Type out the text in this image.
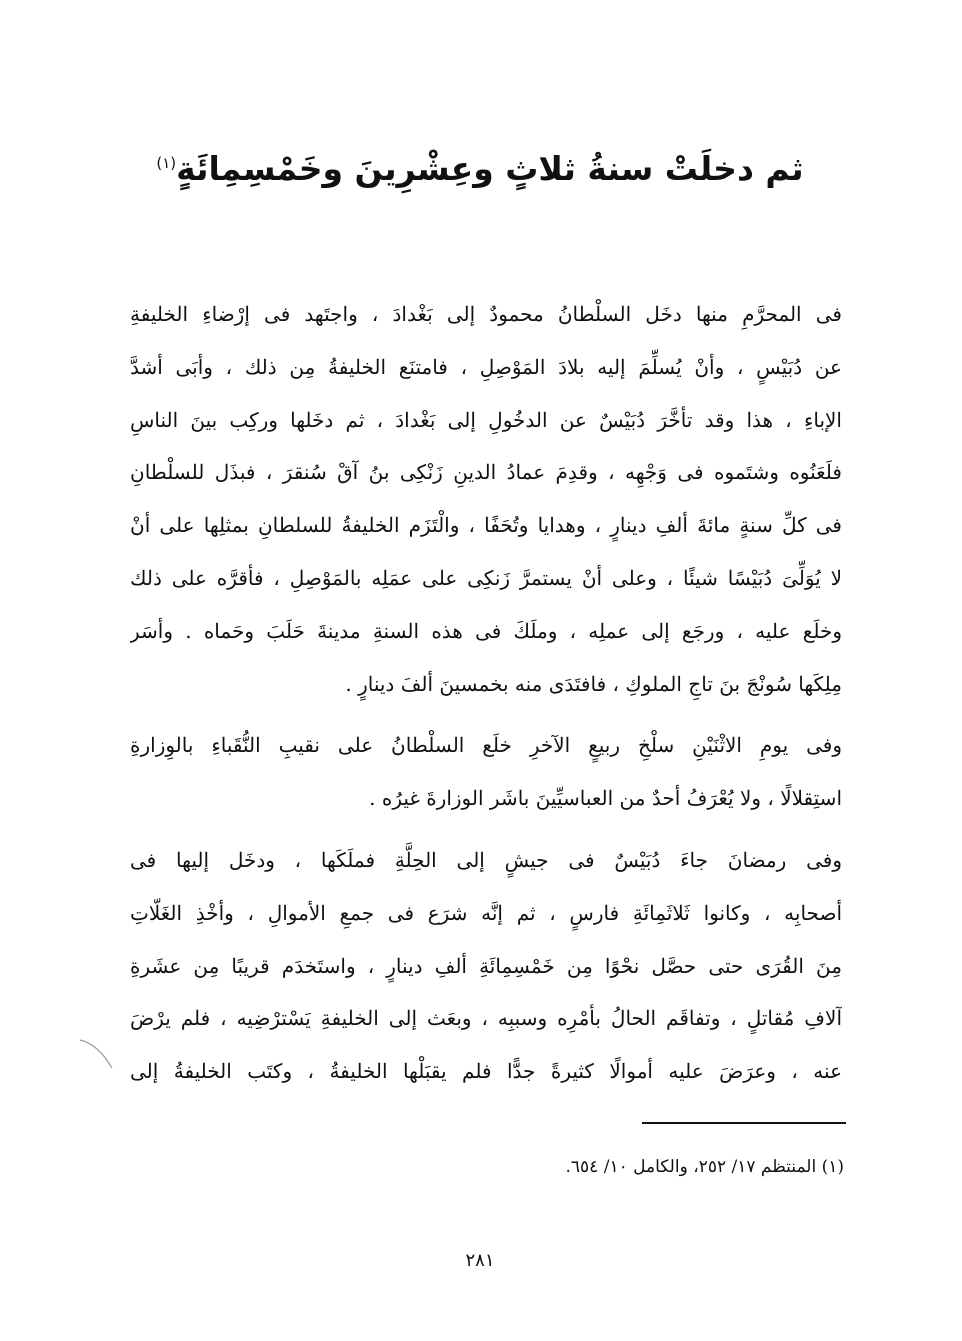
ثم دخلَتْ سنةُ ثلاثٍ وعِشْرِينَ وخَمْسِمِائَةٍ$^{(١)}$

فى المحرَّمِ منها دخَل السلْطانُ محمودٌ إلى بَغْدادَ ، واجتَهد فى إرْضاءِ الخليفةِ
عن دُبَيْسٍ ، وأنْ يُسلِّمَ إليه بلادَ المَوْصِلِ ، فامتنَع الخليفةُ مِن ذلك ، وأبَى أشدَّ
الإباءِ ، هذا وقد تأخَّرَ دُبَيْسٌ عن الدخُولِ إلى بَغْدادَ ، ثم دخَلها وركِب بينَ الناسِ
فلَعَنُوه وشتَموه فى وَجْهِه ، وقدِمَ عمادُ الدينِ زَنْكِى بنُ آقْ سُنقرَ ، فبذَل للسلْطانِ
فى كلِّ سنةٍ مائةَ ألفِ دينارٍ ، وهدايا وتُحَفًا ، والْتَزَم الخليفةُ للسلطانِ بمثلِها على أنْ
لا يُوَلِّىَ دُبَيْسًا شيئًا ، وعلى أنْ يستمرَّ زَنكِى على عمَلِه بالمَوْصِلِ ، فأقرَّه على ذلك
وخلَع عليه ، ورجَع إلى عملِه ، وملَكَ فى هذه السنةِ مدينةَ حَلَبَ وحَماه . وأسَر
مِلِكَها سُونْجَ بنَ تاجِ الملوكِ ، فافتَدَى منه بخمسينَ ألفَ دينارٍ .

وفى يومِ الاثْنَيْنِ سلْخِ ربيعٍ الآخرِ خلَع السلْطانُ على نقيبِ النُّقَباءِ بالوِزارةِ
استِقلالًا ، ولا يُعْرَفُ أحدٌ من العباسيِّينَ باشَر الوزارةَ غيرُه .

وفى رمضانَ جاءَ دُبَيْسٌ فى جيشٍ إلى الحِلَّةِ فملَكَها ، ودخَل إليها فى
أصحابِه ، وكانوا ثَلاثَمِائَةِ فارسٍ ، ثم إنَّه شرَع فى جمعِ الأموالِ ، وأخْذِ الغَلّاتِ
مِنَ القُرَى حتى حصَّل نحْوًا مِن خَمْسِمِائَةِ ألفِ دينارٍ ، واستَخدَم قريبًا مِن عشَرةِ
آلافِ مُقاتلٍ ، وتفاقَم الحالُ بأمْرِه وسببِه ، وبعَث إلى الخليفةِ يَسْترْضِيه ، فلم يرْضَ
عنه ، وعرَضَ عليه أموالًا كثيرةً جدًّا فلم يقبَلْها الخليفةُ ، وكتَب الخليفةُ إلى

(١) المنتظم ١٧/ ٢٥٢، والكامل ١٠/ ٦٥٤.
٢٨١
